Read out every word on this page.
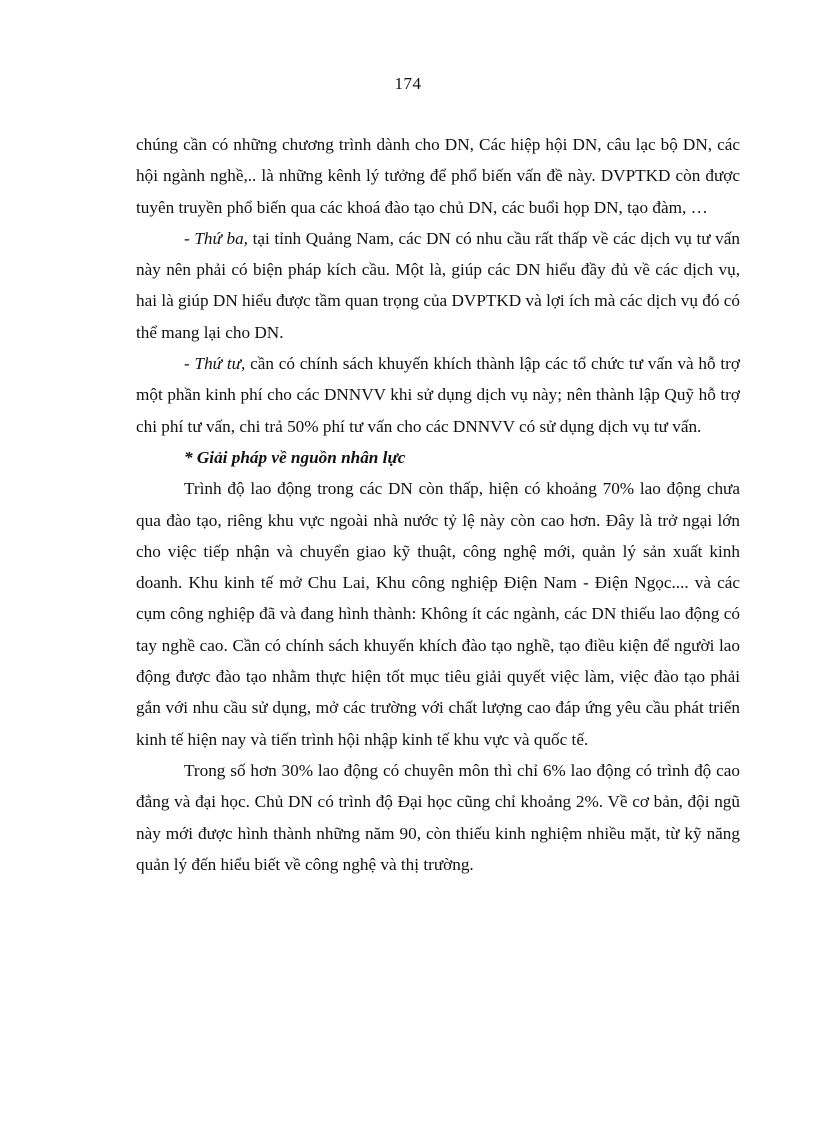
174

chúng cần có những chương trình dành cho DN, Các hiệp hội DN, câu lạc bộ DN, các hội ngành nghề,.. là những kênh lý tưởng để phổ biến vấn đề này. DVPTKD còn được tuyên truyền phổ biến qua các khoá đào tạo chủ DN, các buổi họp DN, tạo đàm, …

- Thứ ba, tại tỉnh Quảng Nam, các DN có nhu cầu rất thấp về các dịch vụ tư vấn này nên phải có biện pháp kích cầu. Một là, giúp các DN hiểu đầy đủ về các dịch vụ, hai là giúp DN hiểu được tầm quan trọng của DVPTKD và lợi ích mà các dịch vụ đó có thể mang lại cho DN.

- Thứ tư, cần có chính sách khuyến khích thành lập các tổ chức tư vấn và hỗ trợ một phần kinh phí cho các DNNVV khi sử dụng dịch vụ này; nên thành lập Quỹ hỗ trợ chi phí tư vấn, chi trả 50% phí tư vấn cho các DNNVV có sử dụng dịch vụ tư vấn.

* Giải pháp về nguồn nhân lực

Trình độ lao động trong các DN còn thấp, hiện có khoảng 70% lao động chưa qua đào tạo, riêng khu vực ngoài nhà nước tỷ lệ này còn cao hơn. Đây là trở ngại lớn cho việc tiếp nhận và chuyển giao kỹ thuật, công nghệ mới, quản lý sản xuất kinh doanh. Khu kinh tế mở Chu Lai, Khu công nghiệp Điện Nam - Điện Ngọc.... và các cụm công nghiệp đã và đang hình thành: Không ít các ngành, các DN thiếu lao động có tay nghề cao. Cần có chính sách khuyến khích đào tạo nghề, tạo điều kiện để người lao động được đào tạo nhằm thực hiện tốt mục tiêu giải quyết việc làm, việc đào tạo phải gắn với nhu cầu sử dụng, mở các trường với chất lượng cao đáp ứng yêu cầu phát triển kinh tế hiện nay và tiến trình hội nhập kinh tế khu vực và quốc tế.

Trong số hơn 30% lao động có chuyên môn thì chỉ 6% lao động có trình độ cao đẳng và đại học. Chủ DN có trình độ Đại học cũng chỉ khoảng 2%. Về cơ bản, đội ngũ này mới được hình thành những năm 90, còn thiếu kinh nghiệm nhiều mặt, từ kỹ năng quản lý đến hiểu biết về công nghệ và thị trường.
